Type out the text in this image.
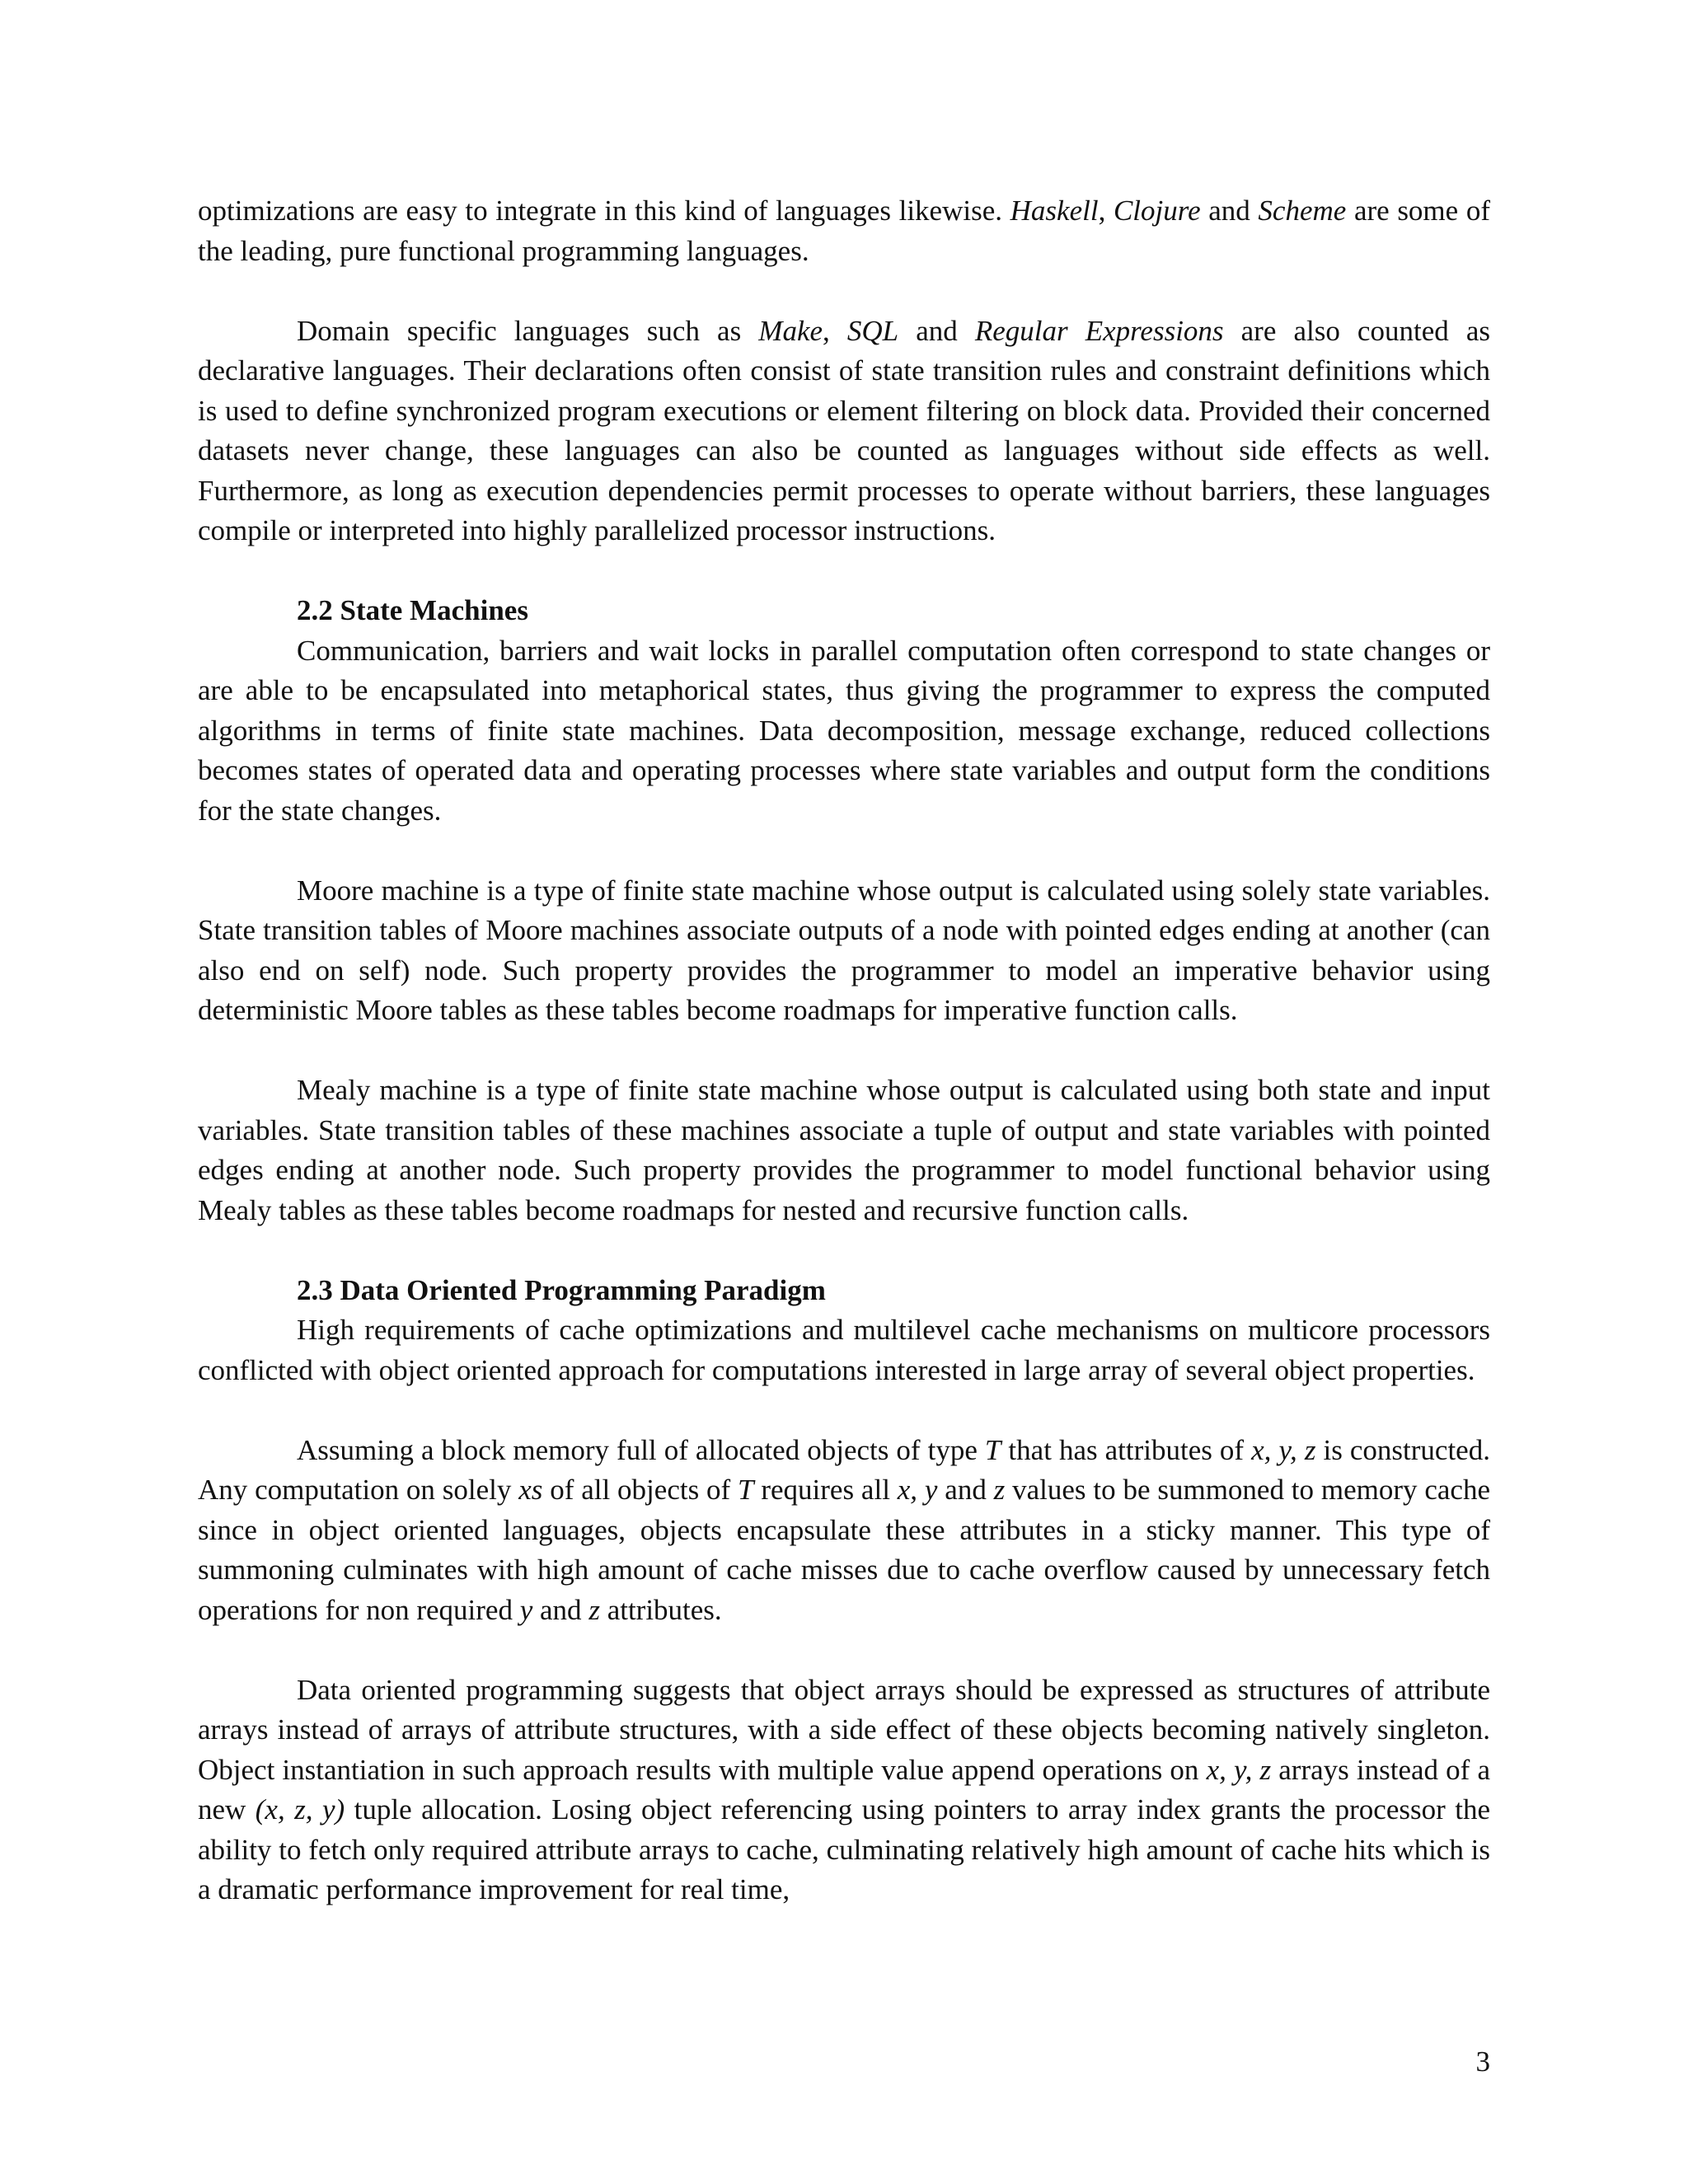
optimizations are easy to integrate in this kind of languages likewise. Haskell, Clojure and Scheme are some of the leading, pure functional programming languages.

Domain specific languages such as Make, SQL and Regular Expressions are also counted as declarative languages. Their declarations often consist of state transition rules and constraint definitions which is used to define synchronized program executions or element filtering on block data. Provided their concerned datasets never change, these languages can also be counted as languages without side effects as well. Furthermore, as long as execution dependencies permit processes to operate without barriers, these languages compile or interpreted into highly parallelized processor instructions.

2.2 State Machines

Communication, barriers and wait locks in parallel computation often correspond to state changes or are able to be encapsulated into metaphorical states, thus giving the programmer to express the computed algorithms in terms of finite state machines. Data decomposition, message exchange, reduced collections becomes states of operated data and operating processes where state variables and output form the conditions for the state changes.

Moore machine is a type of finite state machine whose output is calculated using solely state variables. State transition tables of Moore machines associate outputs of a node with pointed edges ending at another (can also end on self) node. Such property provides the programmer to model an imperative behavior using deterministic Moore tables as these tables become roadmaps for imperative function calls.

Mealy machine is a type of finite state machine whose output is calculated using both state and input variables. State transition tables of these machines associate a tuple of output and state variables with pointed edges ending at another node. Such property provides the programmer to model functional behavior using Mealy tables as these tables become roadmaps for nested and recursive function calls.

2.3 Data Oriented Programming Paradigm

High requirements of cache optimizations and multilevel cache mechanisms on multicore processors conflicted with object oriented approach for computations interested in large array of several object properties.

Assuming a block memory full of allocated objects of type T that has attributes of x, y, z is constructed. Any computation on solely xs of all objects of T requires all x, y and z values to be summoned to memory cache since in object oriented languages, objects encapsulate these attributes in a sticky manner. This type of summoning culminates with high amount of cache misses due to cache overflow caused by unnecessary fetch operations for non required y and z attributes.

Data oriented programming suggests that object arrays should be expressed as structures of attribute arrays instead of arrays of attribute structures, with a side effect of these objects becoming natively singleton. Object instantiation in such approach results with multiple value append operations on x, y, z arrays instead of a new (x, z, y) tuple allocation. Losing object referencing using pointers to array index grants the processor the ability to fetch only required attribute arrays to cache, culminating relatively high amount of cache hits which is a dramatic performance improvement for real time,

3
